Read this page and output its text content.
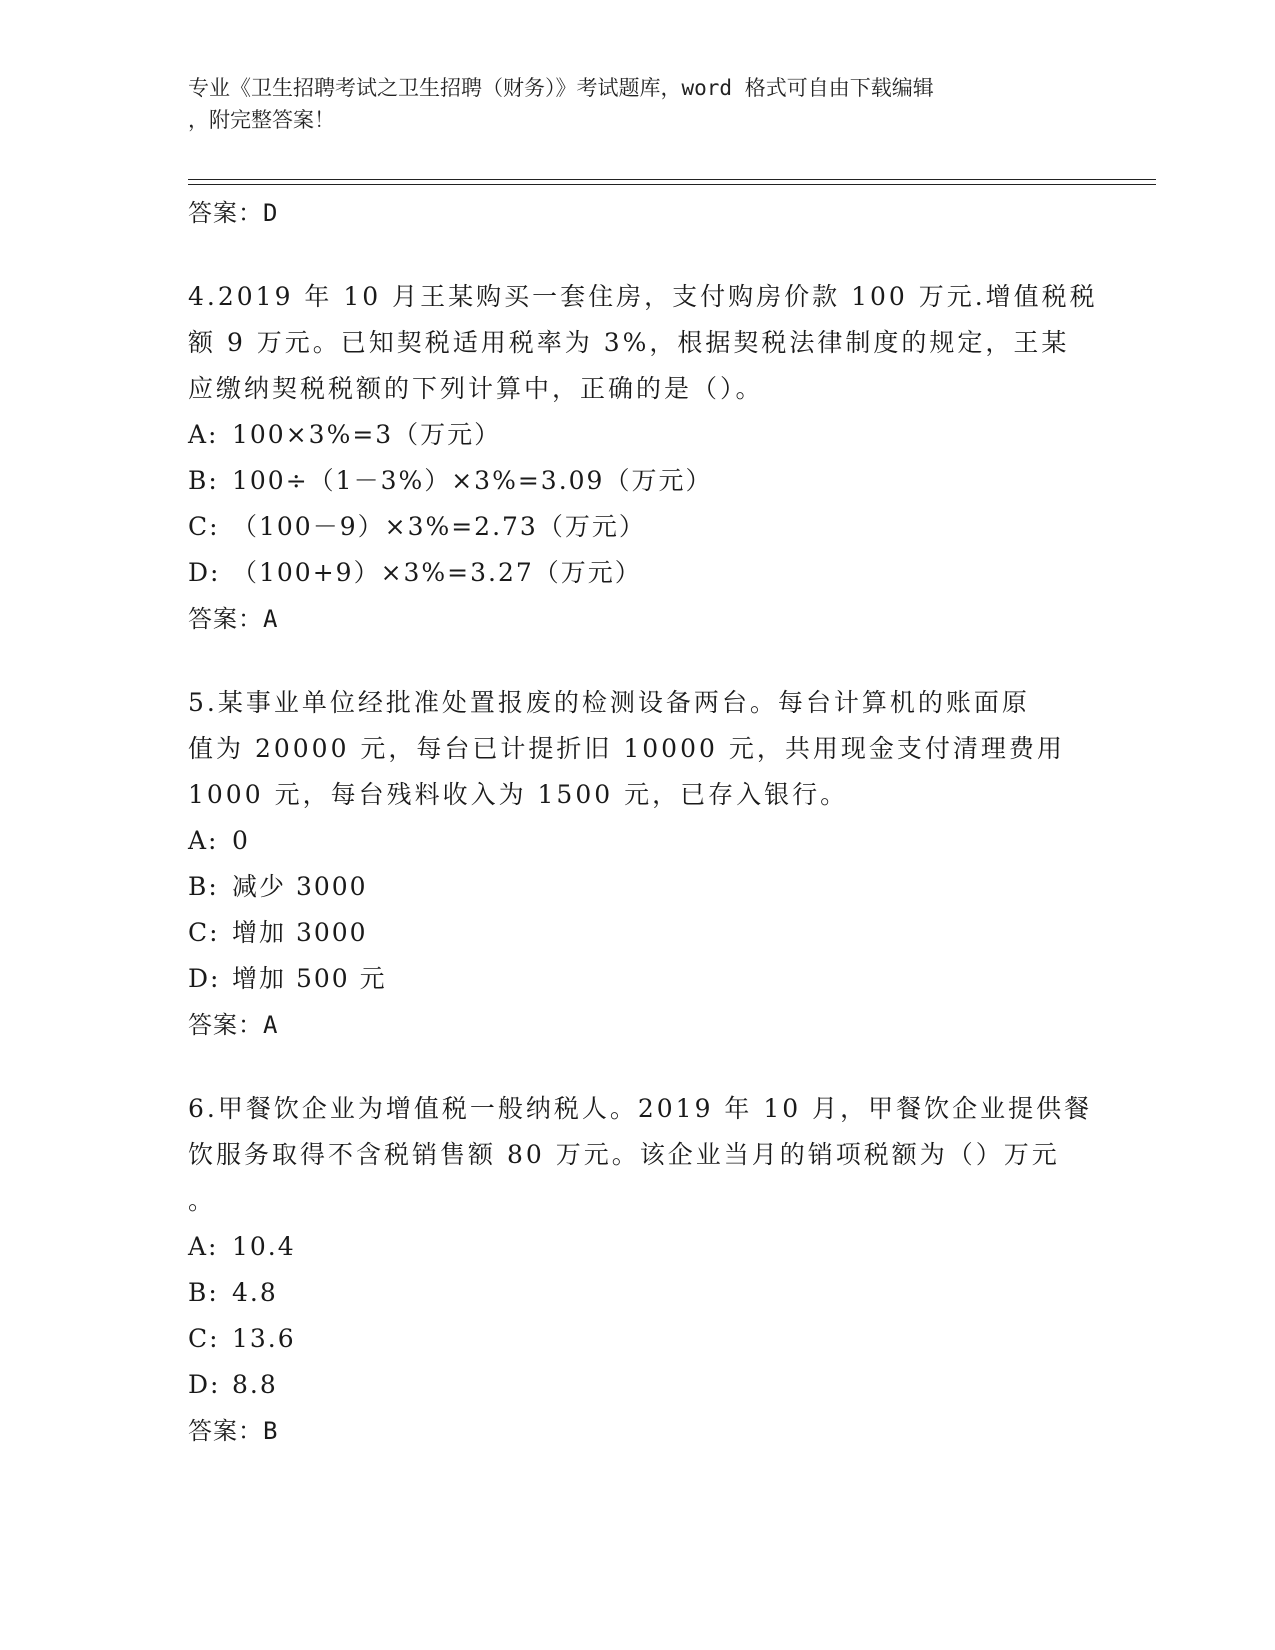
专业《卫生招聘考试之卫生招聘（财务）》考试题库，word 格式可自由下载编辑
，附完整答案！
答案：D
4.2019 年 10 月王某购买一套住房，支付购房价款 100 万元.增值税税
额 9 万元。已知契税适用税率为 3%，根据契税法律制度的规定，王某
应缴纳契税税额的下列计算中，正确的是（）。
A: 100×3%=3（万元）
B: 100÷（1－3%）×3%=3.09（万元）
C: （100－9）×3%=2.73（万元）
D: （100+9）×3%=3.27（万元）
答案：A
5.某事业单位经批准处置报废的检测设备两台。每台计算机的账面原
值为 20000 元，每台已计提折旧 10000 元，共用现金支付清理费用
1000 元，每台残料收入为 1500 元，已存入银行。
A: 0
B: 减少 3000
C: 增加 3000
D: 增加 500 元
答案：A
6.甲餐饮企业为增值税一般纳税人。2019 年 10 月，甲餐饮企业提供餐
饮服务取得不含税销售额 80 万元。该企业当月的销项税额为（）万元
。
A: 10.4
B: 4.8
C: 13.6
D: 8.8
答案：B
